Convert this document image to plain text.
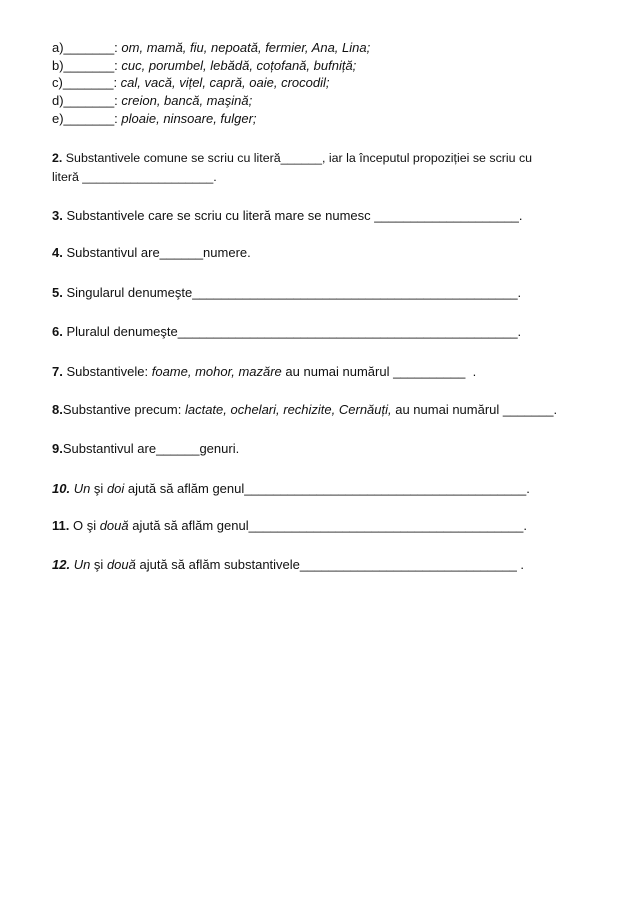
a)_______: om, mamă, fiu, nepoată, fermier, Ana, Lina;
b)_______: cuc, porumbel, lebădă, coțofană, bufniță;
c)_______: cal, vacă, vițel, capră, oaie, crocodil;
d)_______: creion, bancă, maşină;
e)_______: ploaie, ninsoare, fulger;
2. Substantivele comune se scriu cu literă______, iar la începutul propoziției se scriu cu
literă ___________________.
3. Substantivele care se scriu cu literă mare se numesc ____________________.
4. Substantivul are______numere.
5. Singularul denumeşte_____________________________________________.
6. Pluralul denumeşte_______________________________________________.
7. Substantivele: foame, mohor, mazăre au numai numărul __________  .
8.Substantive precum: lactate, ochelari, rechizite, Cernăuți, au numai numărul _______.
9.Substantivul are______genuri.
10. Un şi doi ajută să aflăm genul_______________________________________.
11. O şi două ajută să aflăm genul______________________________________.
12. Un şi două ajută să aflăm substantivele______________________________ .
